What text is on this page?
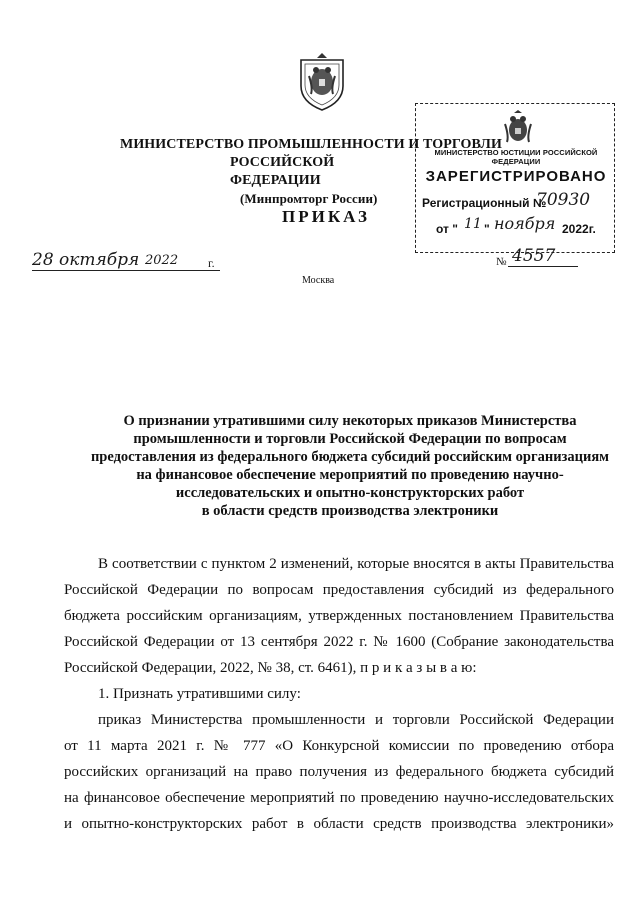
МИНИСТЕРСТВО ПРОМЫШЛЕННОСТИ И ТОРГОВЛИ
РОССИЙСКОЙ ФЕДЕРАЦИИ
(Минпромторг России)
ПРИКАЗ
МИНИСТЕРСТВО ЮСТИЦИИ РОССИЙСКОЙ ФЕДЕРАЦИИ
ЗАРЕГИСТРИРОВАНО
Регистрационный №
70930
от " 11 " ноября 2022г.
28 октября 2022 г.	№ 4557
Москва
О признании утратившими силу некоторых приказов Министерства
промышленности и торговли Российской Федерации по вопросам
предоставления из федерального бюджета субсидий российским организациям
на финансовое обеспечение мероприятий по проведению научно-
исследовательских и опытно-конструкторских работ
в области средств производства электроники
В соответствии с пунктом 2 изменений, которые вносятся в акты Правительства
Российской Федерации по вопросам предоставления субсидий из федерального
бюджета российским организациям, утвержденных постановлением Правительства
Российской Федерации от 13 сентября 2022 г. № 1600 (Собрание законодательства
Российской Федерации, 2022, № 38, ст. 6461), п р и к а з ы в а ю:
1. Признать утратившими силу:
приказ Министерства промышленности и торговли Российской Федерации
от 11 марта 2021 г. № 777 «О Конкурсной комиссии по проведению отбора
российских организаций на право получения из федерального бюджета субсидий
на финансовое обеспечение мероприятий по проведению научно-исследовательских
и опытно-конструкторских работ в области средств производства электроники»
